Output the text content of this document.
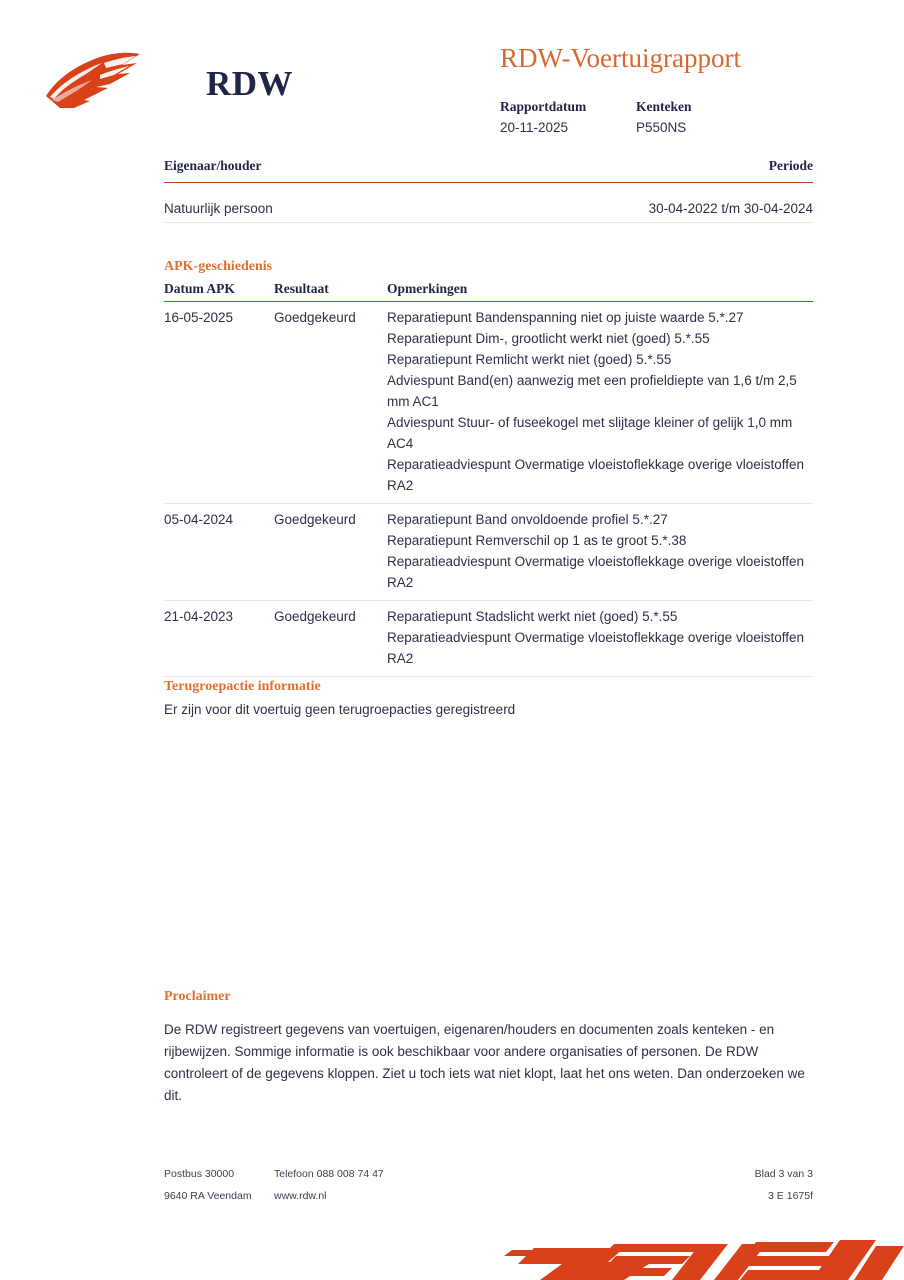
RDW
RDW-Voertuigrapport
Rapportdatum
20-11-2025
Kenteken
P550NS
Eigenaar/houder	Periode
Natuurlijk persoon	30-04-2022 t/m 30-04-2024
APK-geschiedenis
Datum APK	Resultaat	Opmerkingen
16-05-2025	Goedgekeurd	Reparatiepunt Bandenspanning niet op juiste waarde 5.*.27
Reparatiepunt Dim-, grootlicht werkt niet (goed) 5.*.55
Reparatiepunt Remlicht werkt niet (goed) 5.*.55
Adviespunt Band(en) aanwezig met een profieldiepte van 1,6 t/m 2,5 mm AC1
Adviespunt Stuur- of fuseekogel met slijtage kleiner of gelijk 1,0 mm AC4
Reparatieadviespunt Overmatige vloeistoflekkage overige vloeistoffen RA2

05-04-2024	Goedgekeurd	Reparatiepunt Band onvoldoende profiel 5.*.27
Reparatiepunt Remverschil op 1 as te groot 5.*.38
Reparatieadviespunt Overmatige vloeistoflekkage overige vloeistoffen RA2

21-04-2023	Goedgekeurd	Reparatiepunt Stadslicht werkt niet (goed) 5.*.55
Reparatieadviespunt Overmatige vloeistoflekkage overige vloeistoffen RA2
Terugroepactie informatie
Er zijn voor dit voertuig geen terugroepacties geregistreerd
Proclaimer
De RDW registreert gegevens van voertuigen, eigenaren/houders en documenten zoals kenteken - en rijbewijzen. Sommige informatie is ook beschikbaar voor andere organisaties of personen. De RDW controleert of de gegevens kloppen. Ziet u toch iets wat niet klopt, laat het ons weten. Dan onderzoeken we dit.
Postbus 30000	Telefoon 088 008 74 47	Blad 3 van 3
9640 RA Veendam www.rdw.nl	3 E 1675f
